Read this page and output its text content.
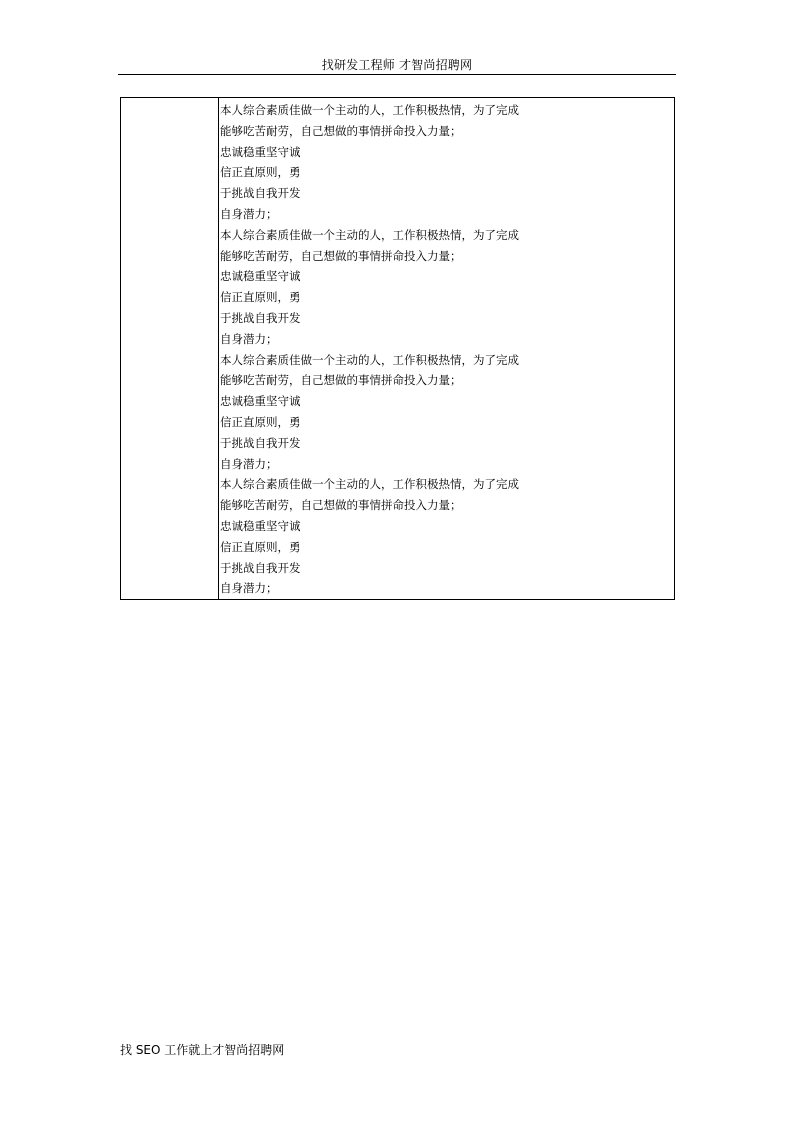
找研发工程师 才智尚招聘网
本人综合素质佳做一个主动的人，工作积极热情，为了完成
能够吃苦耐劳，自己想做的事情拼命投入力量；
忠诚稳重坚守诚
信正直原则，勇
于挑战自我开发
自身潜力；
本人综合素质佳做一个主动的人，工作积极热情，为了完成
能够吃苦耐劳，自己想做的事情拼命投入力量；
忠诚稳重坚守诚
信正直原则，勇
于挑战自我开发
自身潜力；
本人综合素质佳做一个主动的人，工作积极热情，为了完成
能够吃苦耐劳，自己想做的事情拼命投入力量；
忠诚稳重坚守诚
信正直原则，勇
于挑战自我开发
自身潜力；
本人综合素质佳做一个主动的人，工作积极热情，为了完成
能够吃苦耐劳，自己想做的事情拼命投入力量；
忠诚稳重坚守诚
信正直原则，勇
于挑战自我开发
自身潜力；
找 SEO 工作就上才智尚招聘网
